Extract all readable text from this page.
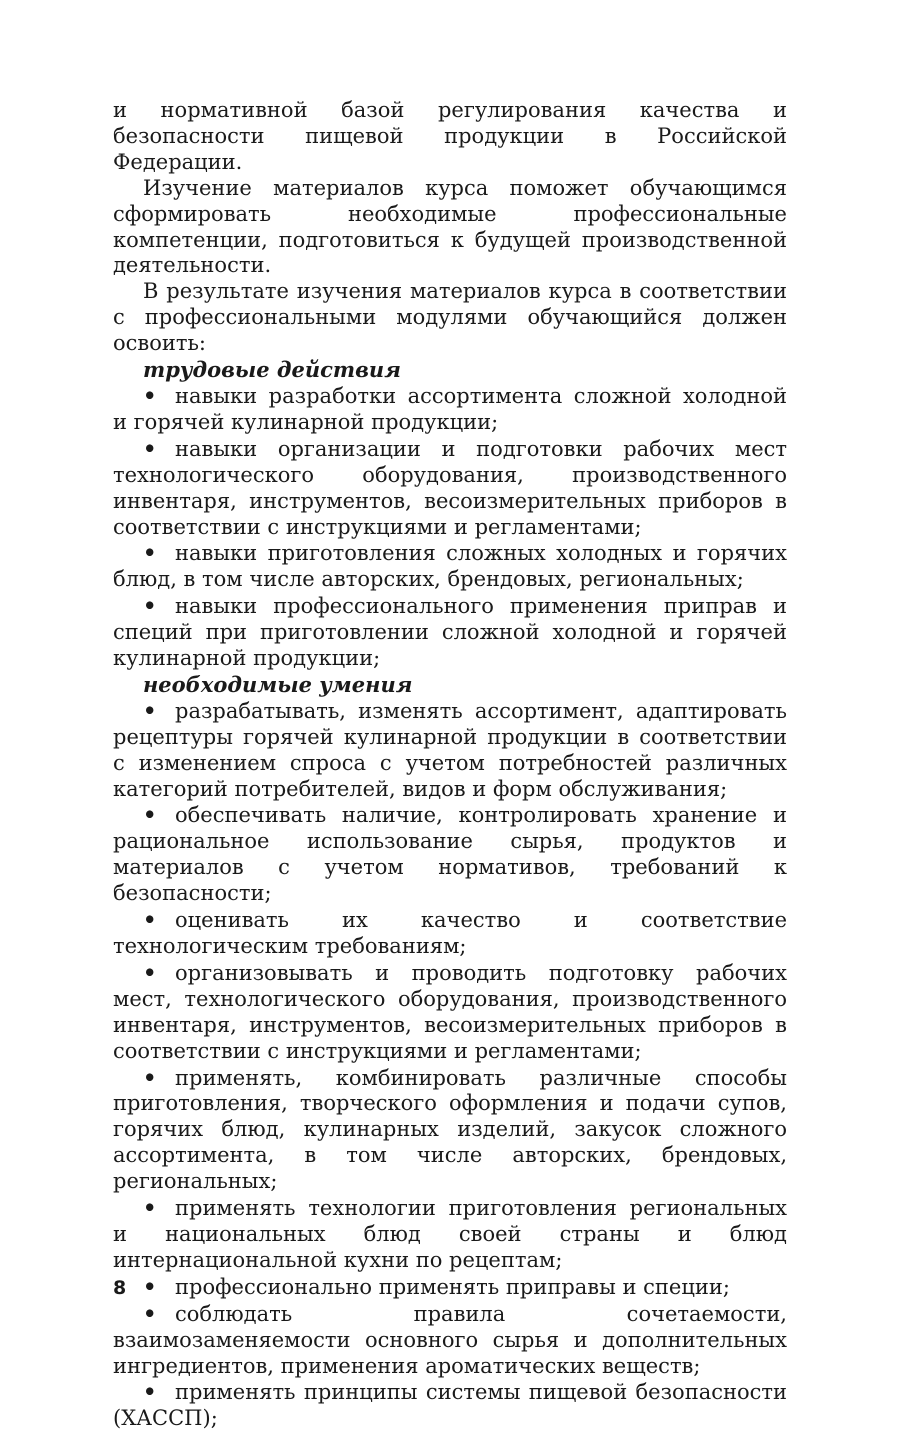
и нормативной базой регулирования качества и безопасности пищевой продукции в Российской Федерации.

Изучение материалов курса поможет обучающимся сформировать необходимые профессиональные компетенции, подготовиться к будущей производственной деятельности.

В результате изучения материалов курса в соответствии с профессиональными модулями обучающийся должен освоить:

трудовые действия

• навыки разработки ассортимента сложной холодной и горячей кулинарной продукции;
• навыки организации и подготовки рабочих мест технологического оборудования, производственного инвентаря, инструментов, весоизмерительных приборов в соответствии с инструкциями и регламентами;
• навыки приготовления сложных холодных и горячих блюд, в том числе авторских, брендовых, региональных;
• навыки профессионального применения приправ и специй при приготовлении сложной холодной и горячей кулинарной продукции;

необходимые умения

• разрабатывать, изменять ассортимент, адаптировать рецептуры горячей кулинарной продукции в соответствии с изменением спроса с учетом потребностей различных категорий потребителей, видов и форм обслуживания;
• обеспечивать наличие, контролировать хранение и рациональное использование сырья, продуктов и материалов с учетом нормативов, требований к безопасности;
• оценивать их качество и соответствие технологическим требованиям;
• организовывать и проводить подготовку рабочих мест, технологического оборудования, производственного инвентаря, инструментов, весоизмерительных приборов в соответствии с инструкциями и регламентами;
• применять, комбинировать различные способы приготовления, творческого оформления и подачи супов, горячих блюд, кулинарных изделий, закусок сложного ассортимента, в том числе авторских, брендовых, региональных;
• применять технологии приготовления региональных и национальных блюд своей страны и блюд интернациональной кухни по рецептам;
• профессионально применять приправы и специи;
• соблюдать правила сочетаемости, взаимозаменяемости основного сырья и дополнительных ингредиентов, применения ароматических веществ;
• применять принципы системы пищевой безопасности (ХАССП);
8
